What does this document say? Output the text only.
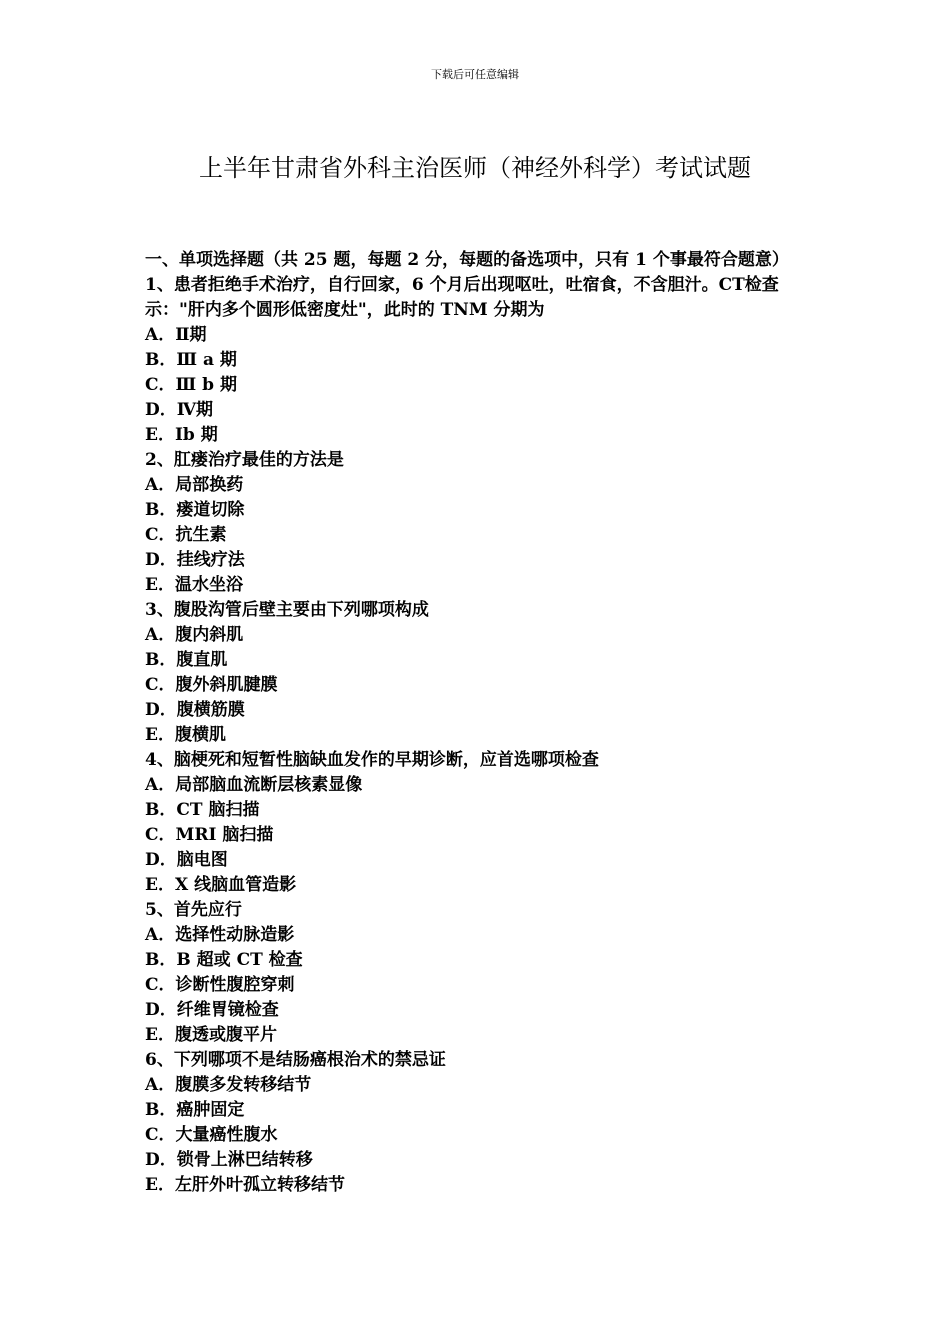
下载后可任意编辑
上半年甘肃省外科主治医师（神经外科学）考试试题

一、单项选择题（共 25 题，每题 2 分，每题的备选项中，只有 1 个事最符合题意）

1、患者拒绝手术治疗，自行回家，6 个月后出现呕吐，吐宿食，不含胆汁。CT检查示："肝内多个圆形低密度灶"，此时的 TNM 分期为

A．Ⅱ期
B．Ⅲ a 期
C．Ⅲ b 期
D．Ⅳ期
E．Ib 期

2、肛瘘治疗最佳的方法是

A．局部换药
B．瘘道切除
C．抗生素
D．挂线疗法
E．温水坐浴

3、腹股沟管后壁主要由下列哪项构成

A．腹内斜肌
B．腹直肌
C．腹外斜肌腱膜
D．腹横筋膜
E．腹横肌

4、脑梗死和短暂性脑缺血发作的早期诊断，应首选哪项检查

A．局部脑血流断层核素显像
B．CT 脑扫描
C．MRI 脑扫描
D．脑电图
E．X 线脑血管造影

5、首先应行

A．选择性动脉造影
B．B 超或 CT 检查
C．诊断性腹腔穿刺
D．纤维胃镜检查
E．腹透或腹平片

6、下列哪项不是结肠癌根治术的禁忌证

A．腹膜多发转移结节
B．癌肿固定
C．大量癌性腹水
D．锁骨上淋巴结转移
E．左肝外叶孤立转移结节
